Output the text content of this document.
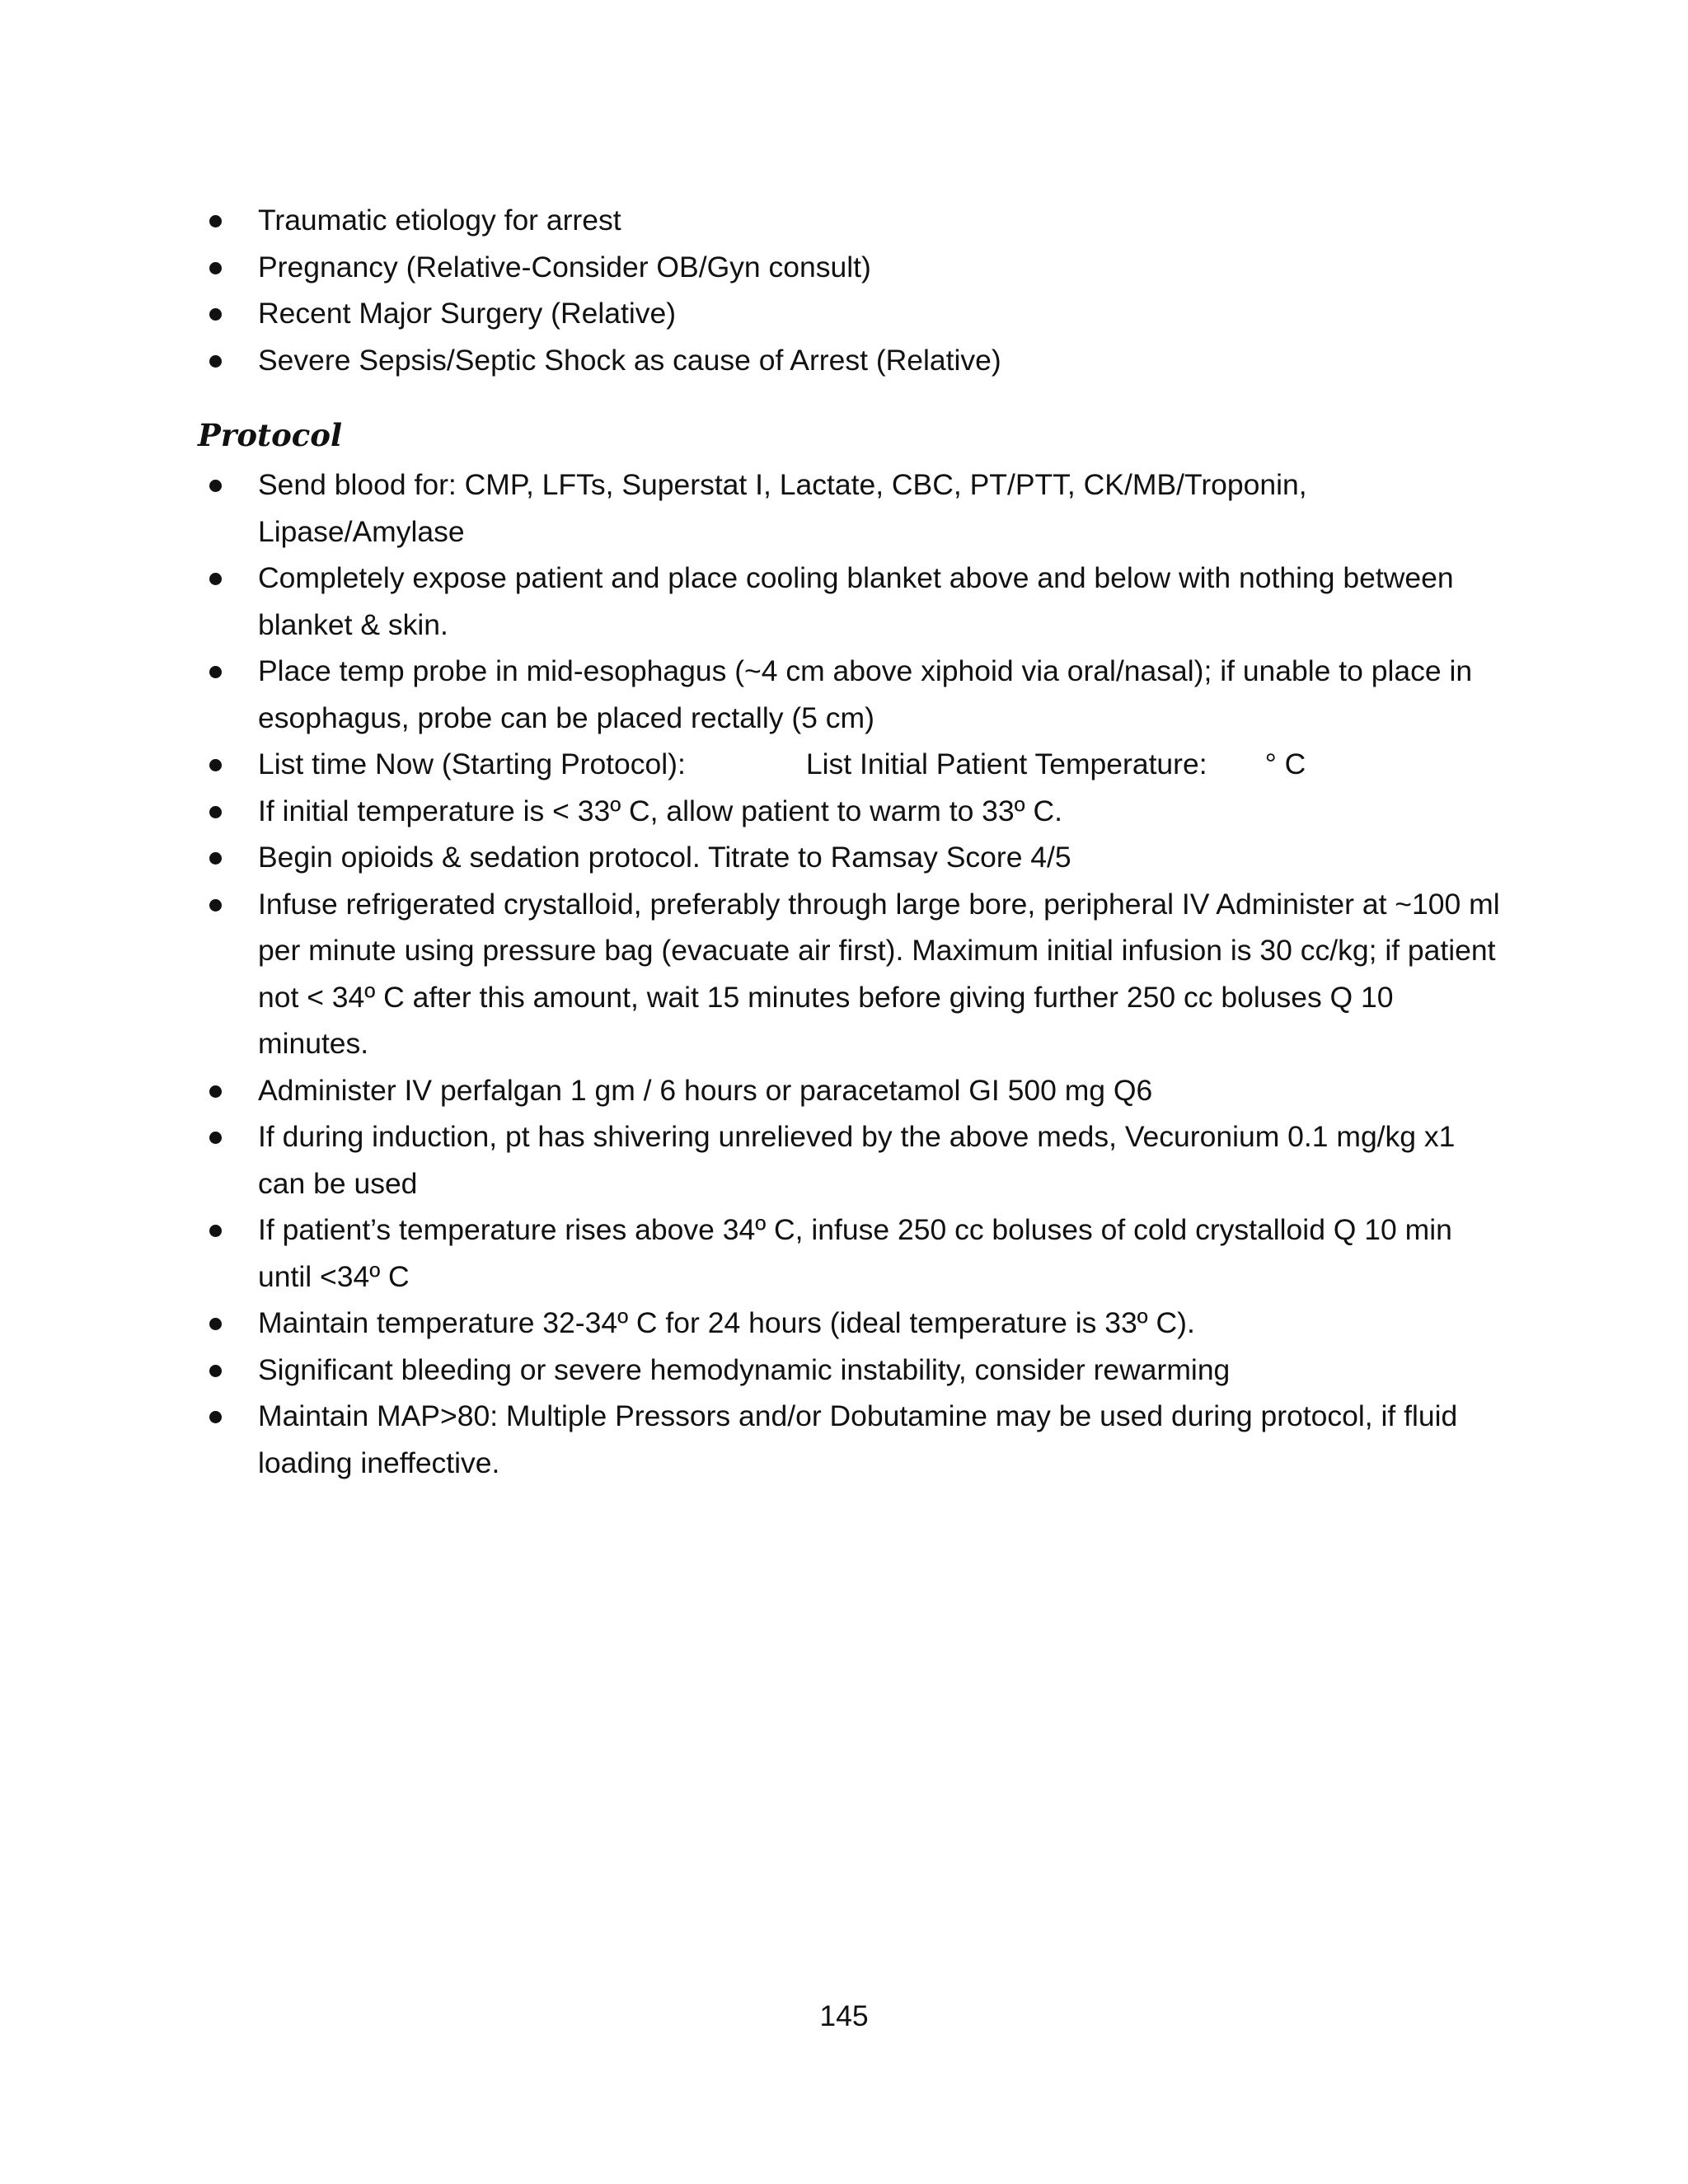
Traumatic etiology for arrest
Pregnancy (Relative-Consider OB/Gyn consult)
Recent Major Surgery (Relative)
Severe Sepsis/Septic Shock as cause of Arrest (Relative)
Protocol
Send blood for: CMP, LFTs, Superstat I, Lactate, CBC, PT/PTT, CK/MB/Troponin, Lipase/Amylase
Completely expose patient and place cooling blanket above and below with nothing between blanket & skin.
Place temp probe in mid-esophagus (~4 cm above xiphoid via oral/nasal); if unable to place in esophagus, probe can be placed rectally (5 cm)
List time Now (Starting Protocol):	List Initial Patient Temperature: ° C
If initial temperature is < 33º C, allow patient to warm to 33º C.
Begin opioids & sedation protocol. Titrate to Ramsay Score 4/5
Infuse refrigerated crystalloid, preferably through large bore, peripheral IV Administer at ~100 ml per minute using pressure bag (evacuate air first). Maximum initial infusion is 30 cc/kg; if patient not < 34º C after this amount, wait 15 minutes before giving further 250 cc boluses Q 10 minutes.
Administer IV perfalgan 1 gm / 6 hours or paracetamol GI 500 mg Q6
If during induction, pt has shivering unrelieved by the above meds, Vecuronium 0.1 mg/kg x1 can be used
If patient’s temperature rises above 34º C, infuse 250 cc boluses of cold crystalloid Q 10 min until <34º C
Maintain temperature 32-34º C for 24 hours (ideal temperature is 33º C).
Significant bleeding or severe hemodynamic instability, consider rewarming
Maintain MAP>80: Multiple Pressors and/or Dobutamine may be used during protocol, if fluid loading ineffective.
145
